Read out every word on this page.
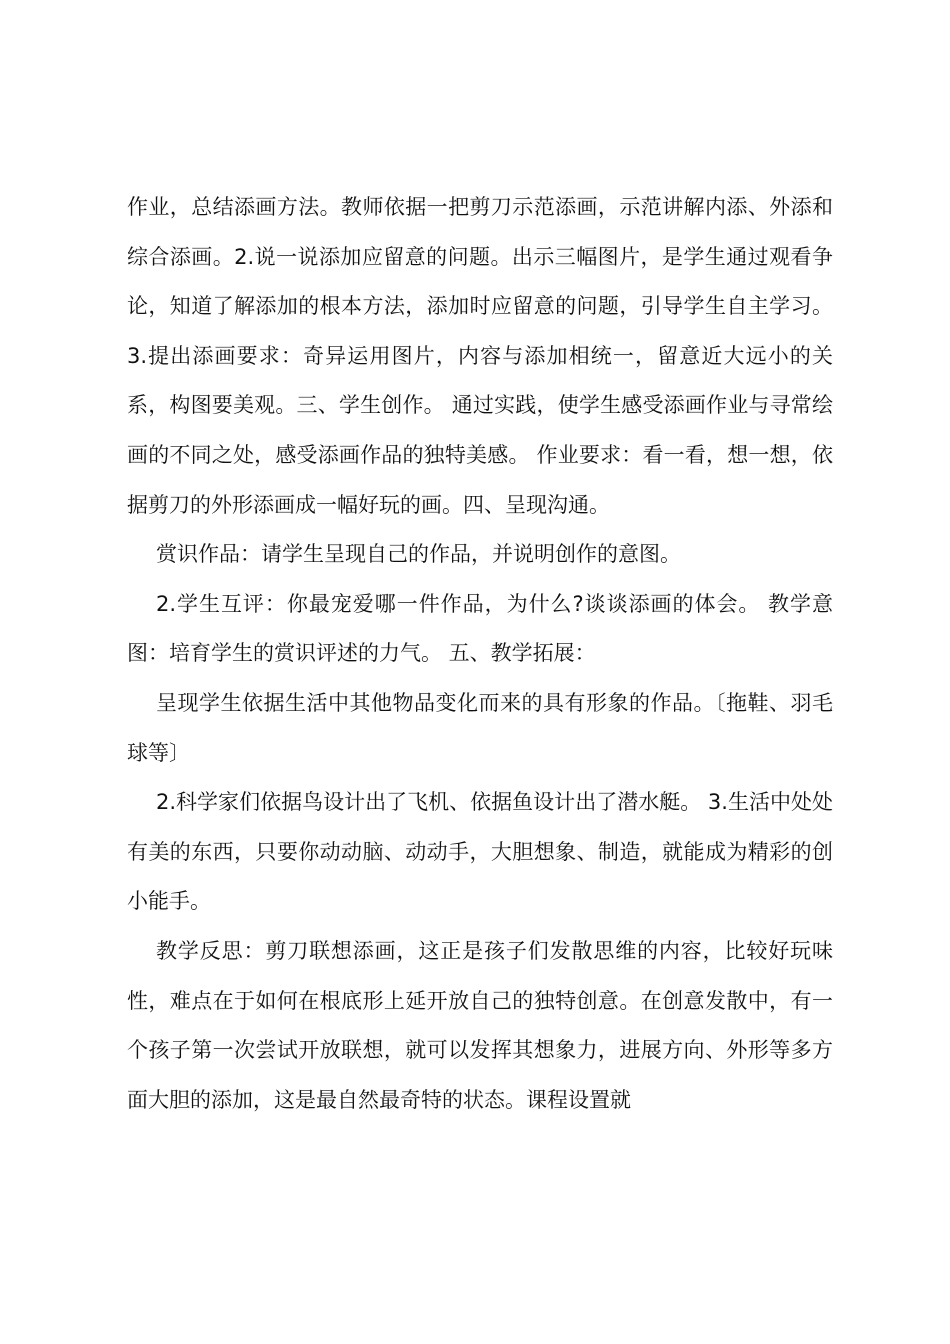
作业，总结添画方法。教师依据一把剪刀示范添画，示范讲解内添、外添和综合添画。2.说一说添加应留意的问题。出示三幅图片，是学生通过观看争论，知道了解添加的根本方法，添加时应留意的问题，引导学生自主学习。3.提出添画要求：奇异运用图片，内容与添加相统一，留意近大远小的关系，构图要美观。三、学生创作。 通过实践，使学生感受添画作业与寻常绘画的不同之处，感受添画作品的独特美感。 作业要求：看一看，想一想，依据剪刀的外形添画成一幅好玩的画。四、呈现沟通。

赏识作品：请学生呈现自己的作品，并说明创作的意图。

2.学生互评：你最宠爱哪一件作品，为什么?谈谈添画的体会。 教学意图：培育学生的赏识评述的力气。 五、教学拓展：

呈现学生依据生活中其他物品变化而来的具有形象的作品。〔拖鞋、羽毛球等〕

2.科学家们依据鸟设计出了飞机、依据鱼设计出了潜水艇。 3.生活中处处有美的东西，只要你动动脑、动动手，大胆想象、制造，就能成为精彩的创小能手。

教学反思：剪刀联想添画，这正是孩子们发散思维的内容，比较好玩味性，难点在于如何在根底形上延开放自己的独特创意。在创意发散中，有一个孩子第一次尝试开放联想，就可以发挥其想象力，进展方向、外形等多方面大胆的添加，这是最自然最奇特的状态。课程设置就
